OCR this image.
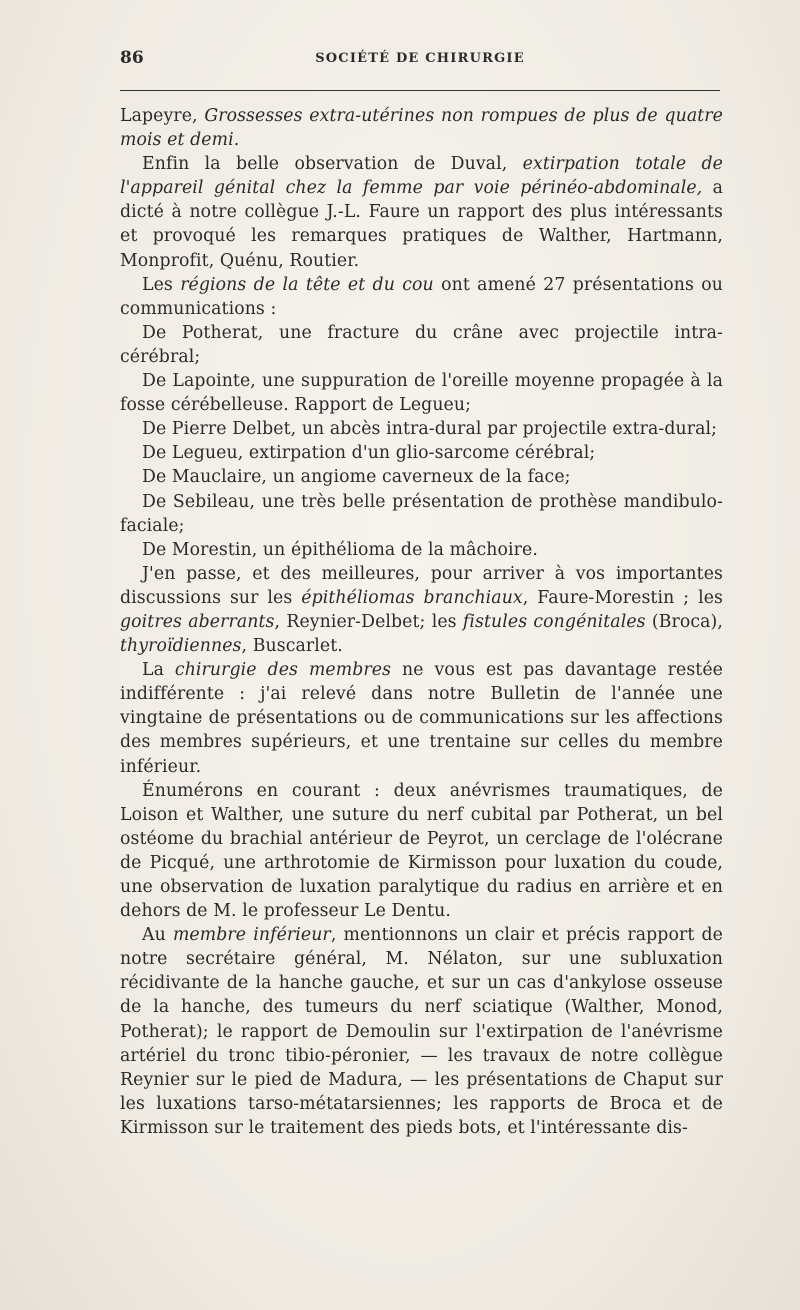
86	SOCIÉTÉ DE CHIRURGIE

Lapeyre, Grossesses extra-utérines non rompues de plus de quatre mois et demi.

Enfin la belle observation de Duval, extirpation totale de l'appareil génital chez la femme par voie périnéo-abdominale, a dicté à notre collègue J.-L. Faure un rapport des plus intéressants et provoqué les remarques pratiques de Walther, Hartmann, Monprofit, Quénu, Routier.

Les régions de la tête et du cou ont amené 27 présentations ou communications :

De Potherat, une fracture du crâne avec projectile intra-cérébral;

De Lapointe, une suppuration de l'oreille moyenne propagée à la fosse cérébelleuse. Rapport de Legueu;

De Pierre Delbet, un abcès intra-dural par projectile extra-dural;

De Legueu, extirpation d'un glio-sarcome cérébral;

De Mauclaire, un angiome caverneux de la face;

De Sebileau, une très belle présentation de prothèse mandibulo-faciale;

De Morestin, un épithélioma de la mâchoire.

J'en passe, et des meilleures, pour arriver à vos importantes discussions sur les épithéliomas branchiaux, Faure-Morestin ; les goitres aberrants, Reynier-Delbet; les fistules congénitales (Broca), thyroïdiennes, Buscarlet.

La chirurgie des membres ne vous est pas davantage restée indifférente : j'ai relevé dans notre Bulletin de l'année une vingtaine de présentations ou de communications sur les affections des membres supérieurs, et une trentaine sur celles du membre inférieur.

Énumérons en courant : deux anévrismes traumatiques, de Loison et Walther, une suture du nerf cubital par Potherat, un bel ostéome du brachial antérieur de Peyrot, un cerclage de l'olécrane de Picqué, une arthrotomie de Kirmisson pour luxation du coude, une observation de luxation paralytique du radius en arrière et en dehors de M. le professeur Le Dentu.

Au membre inférieur, mentionnons un clair et précis rapport de notre secrétaire général, M. Nélaton, sur une subluxation récidivante de la hanche gauche, et sur un cas d'ankylose osseuse de la hanche, des tumeurs du nerf sciatique (Walther, Monod, Potherat); le rapport de Demoulin sur l'extirpation de l'anévrisme artériel du tronc tibio-péronier, — les travaux de notre collègue Reynier sur le pied de Madura, — les présentations de Chaput sur les luxations tarso-métatarsiennes; les rapports de Broca et de Kirmisson sur le traitement des pieds bots, et l'intéressante dis-
